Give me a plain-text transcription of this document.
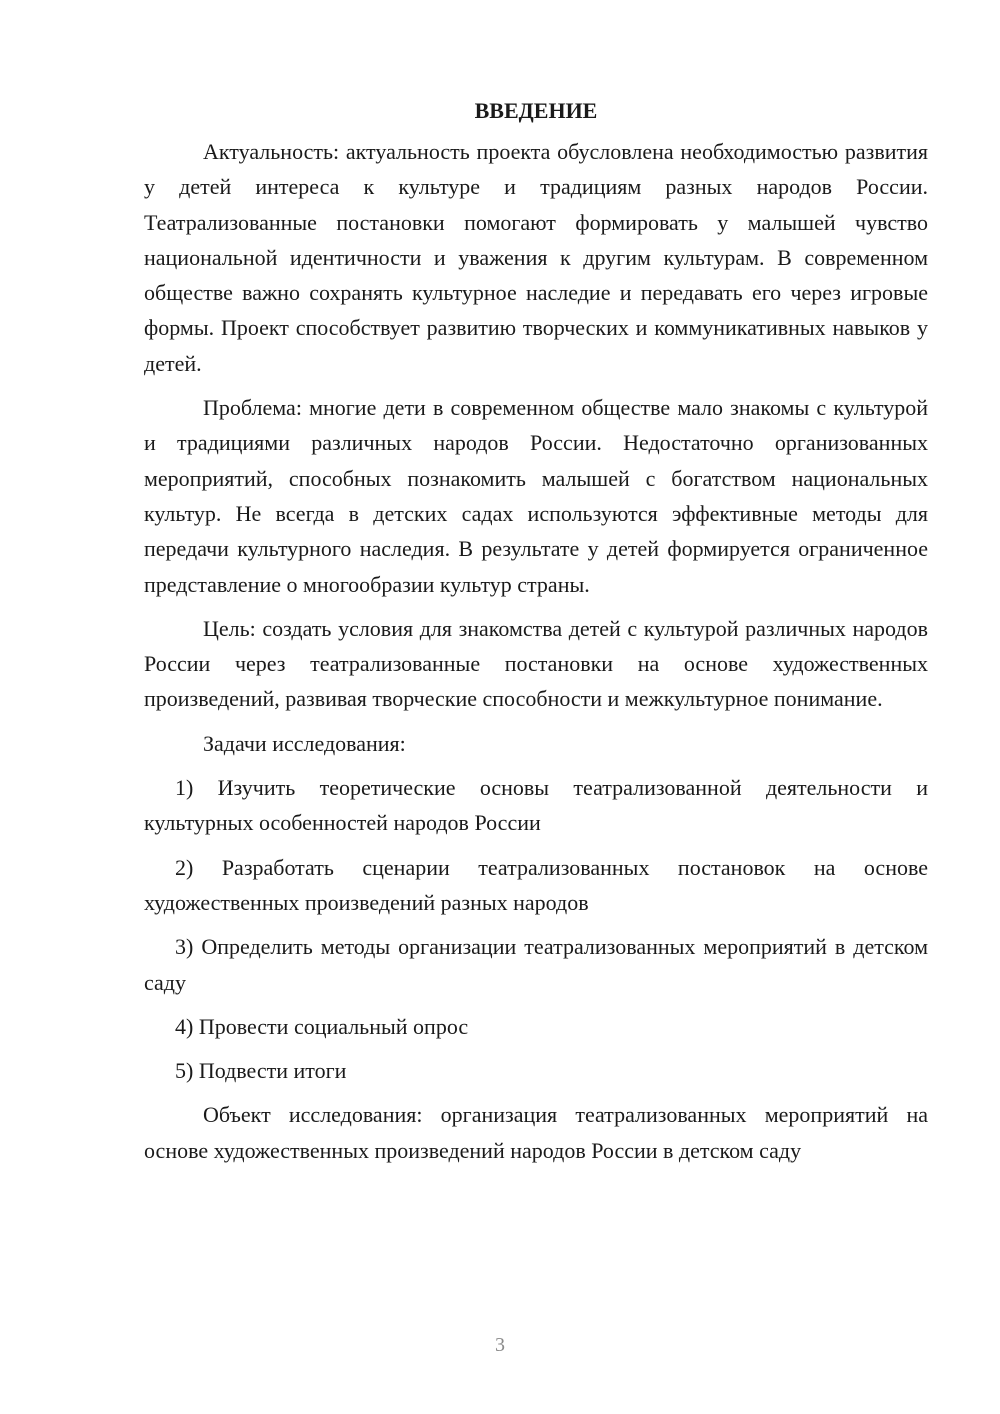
ВВЕДЕНИЕ

Актуальность: актуальность проекта обусловлена необходимостью развития у детей интереса к культуре и традициям разных народов России. Театрализованные постановки помогают формировать у малышей чувство национальной идентичности и уважения к другим культурам. В современном обществе важно сохранять культурное наследие и передавать его через игровые формы. Проект способствует развитию творческих и коммуникативных навыков у детей.

Проблема: многие дети в современном обществе мало знакомы с культурой и традициями различных народов России. Недостаточно организованных мероприятий, способных познакомить малышей с богатством национальных культур. Не всегда в детских садах используются эффективные методы для передачи культурного наследия. В результате у детей формируется ограниченное представление о многообразии культур страны.

Цель: создать условия для знакомства детей с культурой различных народов России через театрализованные постановки на основе художественных произведений, развивая творческие способности и межкультурное понимание.

Задачи исследования:

1) Изучить теоретические основы театрализованной деятельности и культурных особенностей народов России

2) Разработать сценарии театрализованных постановок на основе художественных произведений разных народов

3) Определить методы организации театрализованных мероприятий в детском саду

4) Провести социальный опрос

5) Подвести итоги

Объект исследования: организация театрализованных мероприятий на основе художественных произведений народов России в детском саду

3
